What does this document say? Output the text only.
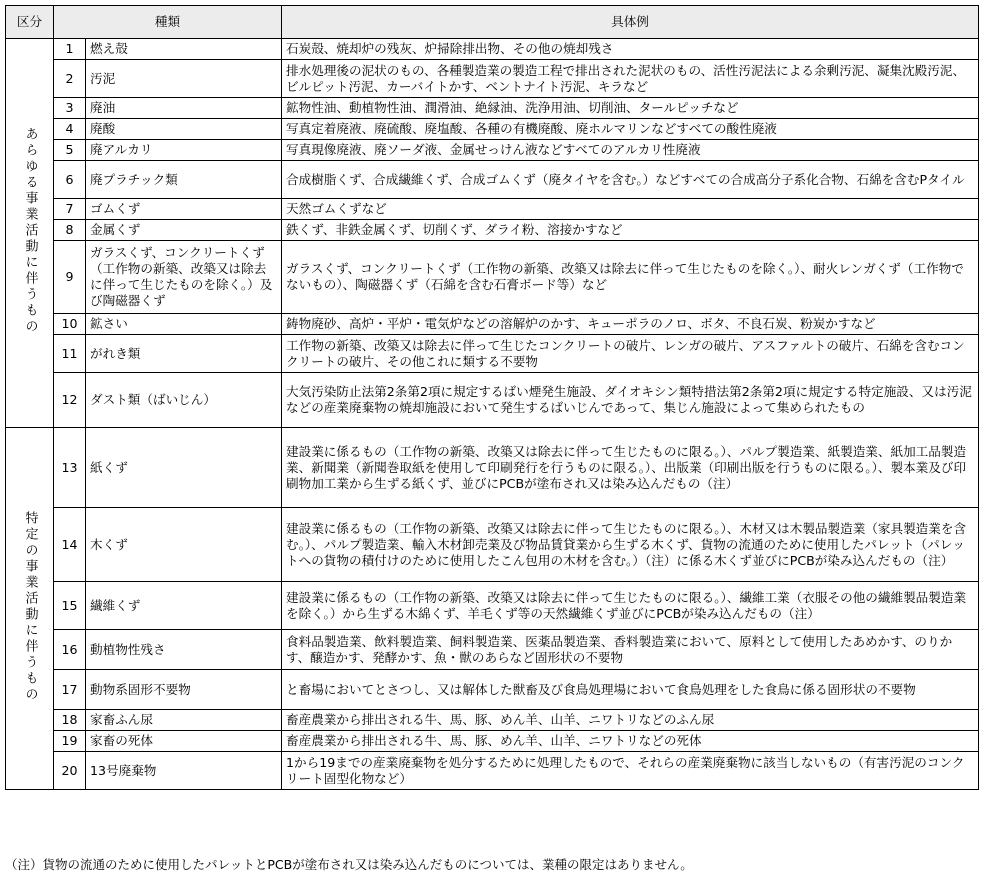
区分	種類		具体例
あらゆる事業活動に伴うもの	1	燃え殻	石炭殻、焼却炉の残灰、炉掃除排出物、その他の焼却残さ
	2	汚泥	排水処理後の泥状のもの、各種製造業の製造工程で排出された泥状のもの、活性汚泥法による余剰汚泥、凝集沈殿汚泥、ビルピット汚泥、カーバイトかす、ベントナイト汚泥、キラなど
	3	廃油	鉱物性油、動植物性油、潤滑油、絶縁油、洗浄用油、切削油、タールピッチなど
	4	廃酸	写真定着廃液、廃硫酸、廃塩酸、各種の有機廃酸、廃ホルマリンなどすべての酸性廃液
	5	廃アルカリ	写真現像廃液、廃ソーダ液、金属せっけん液などすべてのアルカリ性廃液
	6	廃プラチック類	合成樹脂くず、合成繊維くず、合成ゴムくず（廃タイヤを含む。）などすべての合成高分子系化合物、石綿を含むPタイル
	7	ゴムくず	天然ゴムくずなど
	8	金属くず	鉄くず、非鉄金属くず、切削くず、ダライ粉、溶接かすなど
	9	ガラスくず、コンクリートくず（工作物の新築、改築又は除去に伴って生じたものを除く。）及び陶磁器くず	ガラスくず、コンクリートくず（工作物の新築、改築又は除去に伴って生じたものを除く。）、耐火レンガくず（工作物でないもの）、陶磁器くず（石綿を含む石膏ボード等）など
	10	鉱さい	鋳物廃砂、高炉・平炉・電気炉などの溶解炉のかす、キューポラのノロ、ボタ、不良石炭、粉炭かすなど
	11	がれき類	工作物の新築、改築又は除去に伴って生じたコンクリートの破片、レンガの破片、アスファルトの破片、石綿を含むコンクリートの破片、その他これに類する不要物
	12	ダスト類（ばいじん）	大気汚染防止法第2条第2項に規定するばい煙発生施設、ダイオキシン類特措法第2条第2項に規定する特定施設、又は汚泥などの産業廃棄物の焼却施設において発生するばいじんであって、集じん施設によって集められたもの
特定の事業活動に伴うもの	13	紙くず	建設業に係るもの（工作物の新築、改築又は除去に伴って生じたものに限る。）、パルプ製造業、紙製造業、紙加工品製造業、新聞業（新聞巻取紙を使用して印刷発行を行うものに限る。）、出版業（印刷出版を行うものに限る。）、製本業及び印刷物加工業から生ずる紙くず、並びにPCBが塗布され又は染み込んだもの（注）
	14	木くず	建設業に係るもの（工作物の新築、改築又は除去に伴って生じたものに限る。）、木材又は木製品製造業（家具製造業を含む。）、パルプ製造業、輸入木材卸売業及び物品賃貸業から生ずる木くず、貨物の流通のために使用したパレット（パレットへの貨物の積付けのために使用したこん包用の木材を含む。）（注）に係る木くず並びにPCBが染み込んだもの（注）
	15	繊維くず	建設業に係るもの（工作物の新築、改築又は除去に伴って生じたものに限る。）、繊維工業（衣服その他の繊維製品製造業を除く。）から生ずる木綿くず、羊毛くず等の天然繊維くず並びにPCBが染み込んだもの（注）
	16	動植物性残さ	食料品製造業、飲料製造業、飼料製造業、医薬品製造業、香料製造業において、原料として使用したあめかす、のりかす、醸造かす、発酵かす、魚・獣のあらなど固形状の不要物
	17	動物系固形不要物	と畜場においてとさつし、又は解体した獣畜及び食鳥処理場において食鳥処理をした食鳥に係る固形状の不要物
	18	家畜ふん尿	畜産農業から排出される牛、馬、豚、めん羊、山羊、ニワトリなどのふん尿
	19	家畜の死体	畜産農業から排出される牛、馬、豚、めん羊、山羊、ニワトリなどの死体
	20	13号廃棄物	1から19までの産業廃棄物を処分するために処理したもので、それらの産業廃棄物に該当しないもの（有害汚泥のコンクリート固型化物など）
（注）貨物の流通のために使用したパレットとPCBが塗布され又は染み込んだものについては、業種の限定はありません。
